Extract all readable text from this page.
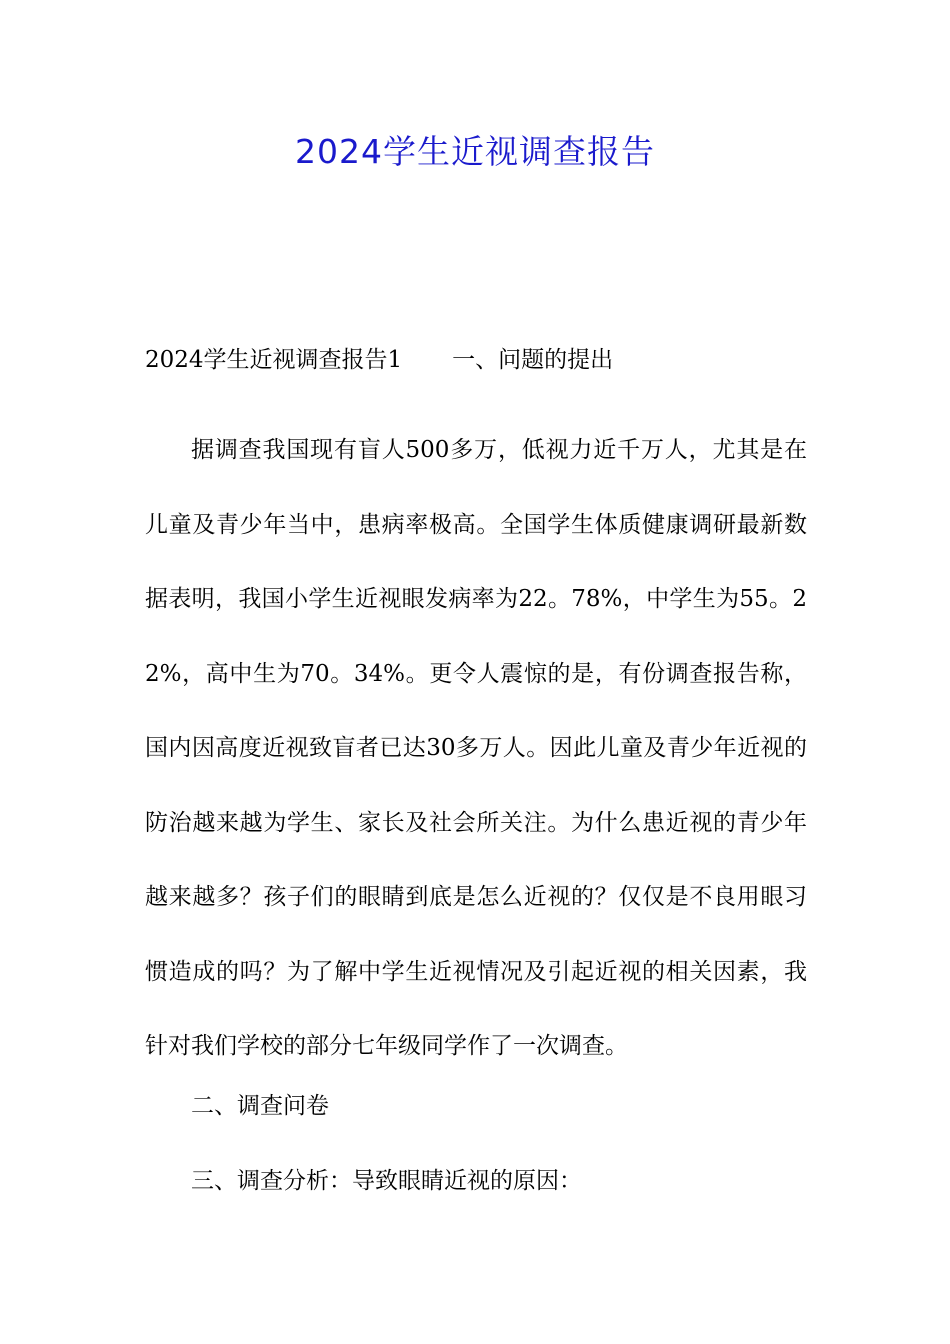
2024学生近视调查报告
2024学生近视调查报告1 一、问题的提出

据调查我国现有盲人500多万，低视力近千万人，尤其是在儿童及青少年当中，患病率极高。全国学生体质健康调研最新数据表明，我国小学生近视眼发病率为22。78%，中学生为55。22%，高中生为70。34%。更令人震惊的是，有份调查报告称，国内因高度近视致盲者已达30多万人。因此儿童及青少年近视的防治越来越为学生、家长及社会所关注。为什么患近视的青少年越来越多？孩子们的眼睛到底是怎么近视的？仅仅是不良用眼习惯造成的吗？为了解中学生近视情况及引起近视的相关因素，我针对我们学校的部分七年级同学作了一次调查。

二、调查问卷
三、调查分析：导致眼睛近视的原因：
